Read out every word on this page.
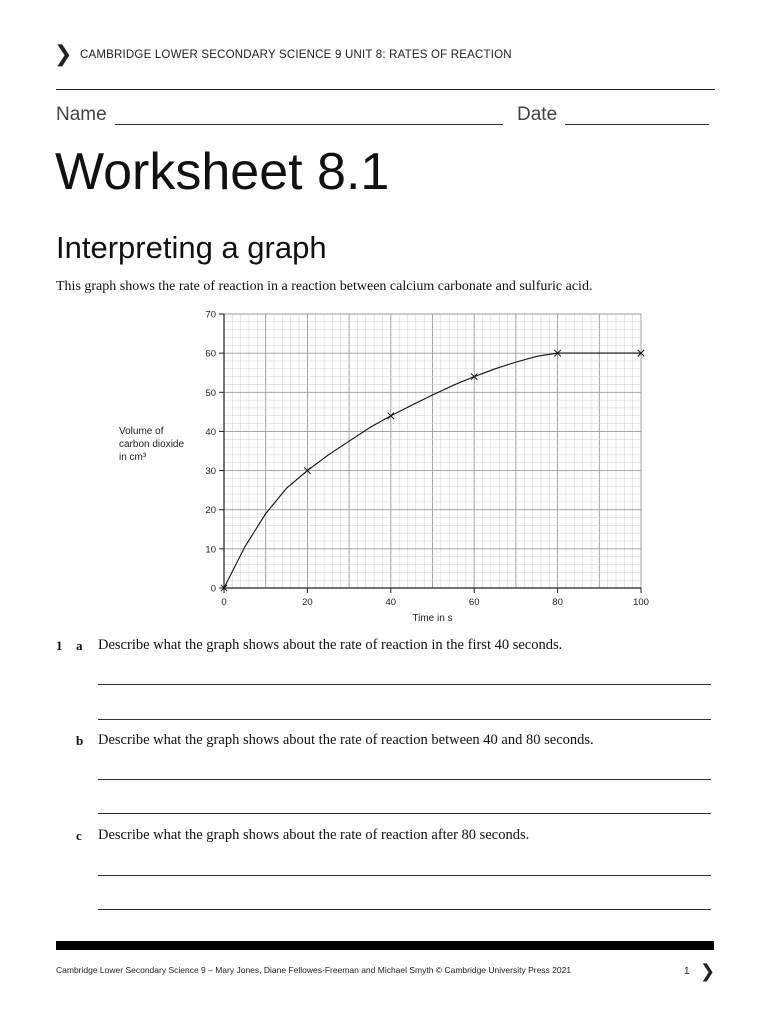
❯ CAMBRIDGE LOWER SECONDARY SCIENCE 9 UNIT 8: RATES OF REACTION
Name	Date
Worksheet 8.1
Interpreting a graph
This graph shows the rate of reaction in a reaction between calcium carbonate and sulfuric acid.
0
10
20
30
40
50
60
70
0	20	40	60	80	100
Time in s
Volume of
carbon dioxide
in cm³
1 a Describe what the graph shows about the rate of reaction in the first 40 seconds.
b Describe what the graph shows about the rate of reaction between 40 and 80 seconds.
c Describe what the graph shows about the rate of reaction after 80 seconds.
Cambridge Lower Secondary Science 9 – Mary Jones, Diane Fellowes-Freeman and Michael Smyth © Cambridge University Press 2021	1 ❯
